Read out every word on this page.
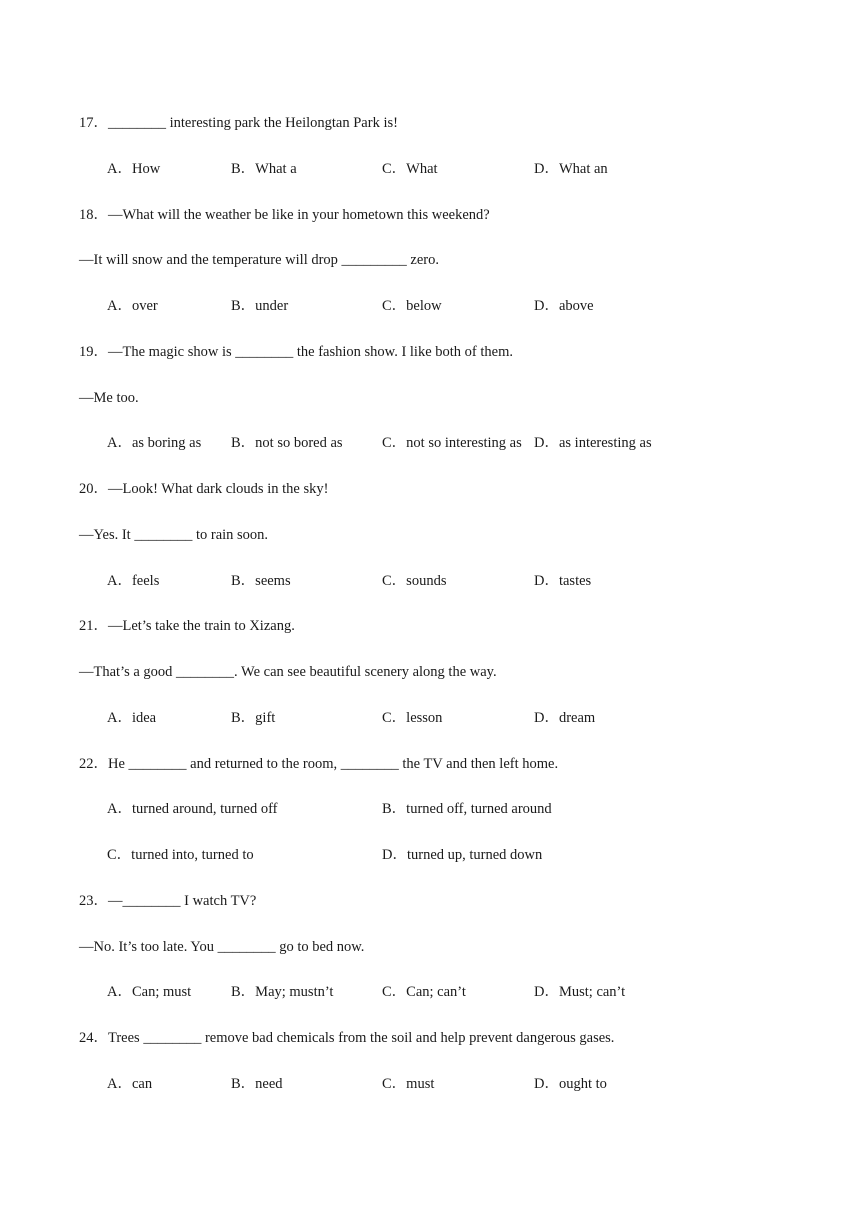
17．________ interesting park the Heilongtan Park is!
A．How	B．What a	C．What	D．What an
18．—What will the weather be like in your hometown this weekend?
—It will snow and the temperature will drop _________ zero.
A．over	B．under	C．below	D．above
19．—The magic show is ________ the fashion show. I like both of them.
—Me too.
A．as boring as B．not so bored as	C．not so interesting as D．as interesting as
20．—Look! What dark clouds in the sky!
—Yes. It ________ to rain soon.
A．feels	B．seems	C．sounds	D．tastes
21．—Let’s take the train to Xizang.
—That’s a good ________. We can see beautiful scenery along the way.
A．idea	B．gift	C．lesson	D．dream
22．He ________ and returned to the room, ________ the TV and then left home.
A．turned around, turned off	B．turned off, turned around
C．turned into, turned to	D．turned up, turned down
23．—________ I watch TV?
—No. It’s too late. You ________ go to bed now.
A．Can; must	B．May; mustn’t	C．Can; can’t	D．Must; can’t
24．Trees ________ remove bad chemicals from the soil and help prevent dangerous gases.
A．can	B．need	C．must	D．ought to
